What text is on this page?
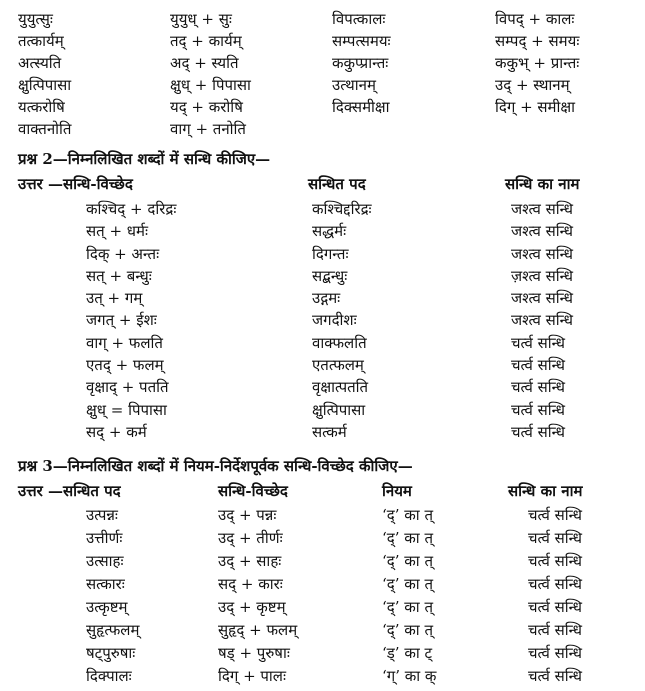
युयुत्सुः	युयुध् + सुः	विपत्कालः	विपद् + कालः
तत्कार्यम्	तद् + कार्यम्	सम्पत्समयः	सम्पद् + समयः
अत्स्यति	अद् + स्यति	ककुप्प्रान्तः	ककुभ् + प्रान्तः
क्षुत्पिपासा	क्षुध् + पिपासा	उत्थानम्	उद् + स्थानम्
यत्करोषि	यद् + करोषि	दिक्समीक्षा	दिग् + समीक्षा
वाक्तनोति	वाग् + तनोति
प्रश्न 2—निम्नलिखित शब्दों में सन्धि कीजिए—
उत्तर —सन्धि-विच्छेद	सन्धित पद	सन्धि का नाम
कश्चिद् + दरिद्रः	कश्चिद्दरिद्रः	जश्त्व सन्धि
सत् + धर्मः	सद्धर्मः	जश्त्व सन्धि
दिक् + अन्तः	दिगन्तः	जश्त्व सन्धि
सत् + बन्धुः	सद्बन्धुः	ज़श्त्व सन्धि
उत् + गम्	उद्गमः	जश्त्व सन्धि
जगत् + ईशः	जगदीशः	जश्त्व सन्धि
वाग् + फलति	वाक्फलति	चर्त्व सन्धि
एतद् + फलम्	एतत्फलम्	चर्त्व सन्धि
वृक्षाद् + पतति	वृक्षात्पतति	चर्त्व सन्धि
क्षुध् = पिपासा	क्षुत्पिपासा	चर्त्व सन्धि
सद् + कर्म	सत्कर्म	चर्त्व सन्धि
प्रश्न 3—निम्नलिखित शब्दों में नियम-निर्देशपूर्वक सन्धि-विच्छेद कीजिए—
उत्तर —सन्धित पद	सन्धि-विच्छेद	नियम	सन्धि का नाम
उत्पन्नः	उद् + पन्नः	‘द्’ का त्	चर्त्व सन्धि
उत्तीर्णः	उद् + तीर्णः	‘द्’ का त्	चर्त्व सन्धि
उत्साहः	उद् + साहः	‘द्’ का त्	चर्त्व सन्धि
सत्कारः	सद् + कारः	‘द्’ का त्	चर्त्व सन्धि
उत्कृष्टम्	उद् + कृष्टम्	‘द्’ का त्	चर्त्व सन्धि
सुहृत्फलम्	सुहृद् + फलम्	‘द्’ का त्	चर्त्व सन्धि
षट्पुरुषाः	षड् + पुरुषाः	‘ड्’ का ट्	चर्त्व सन्धि
दिक्पालः	दिग् + पालः	‘ग्’ का क्	चर्त्व सन्धि
